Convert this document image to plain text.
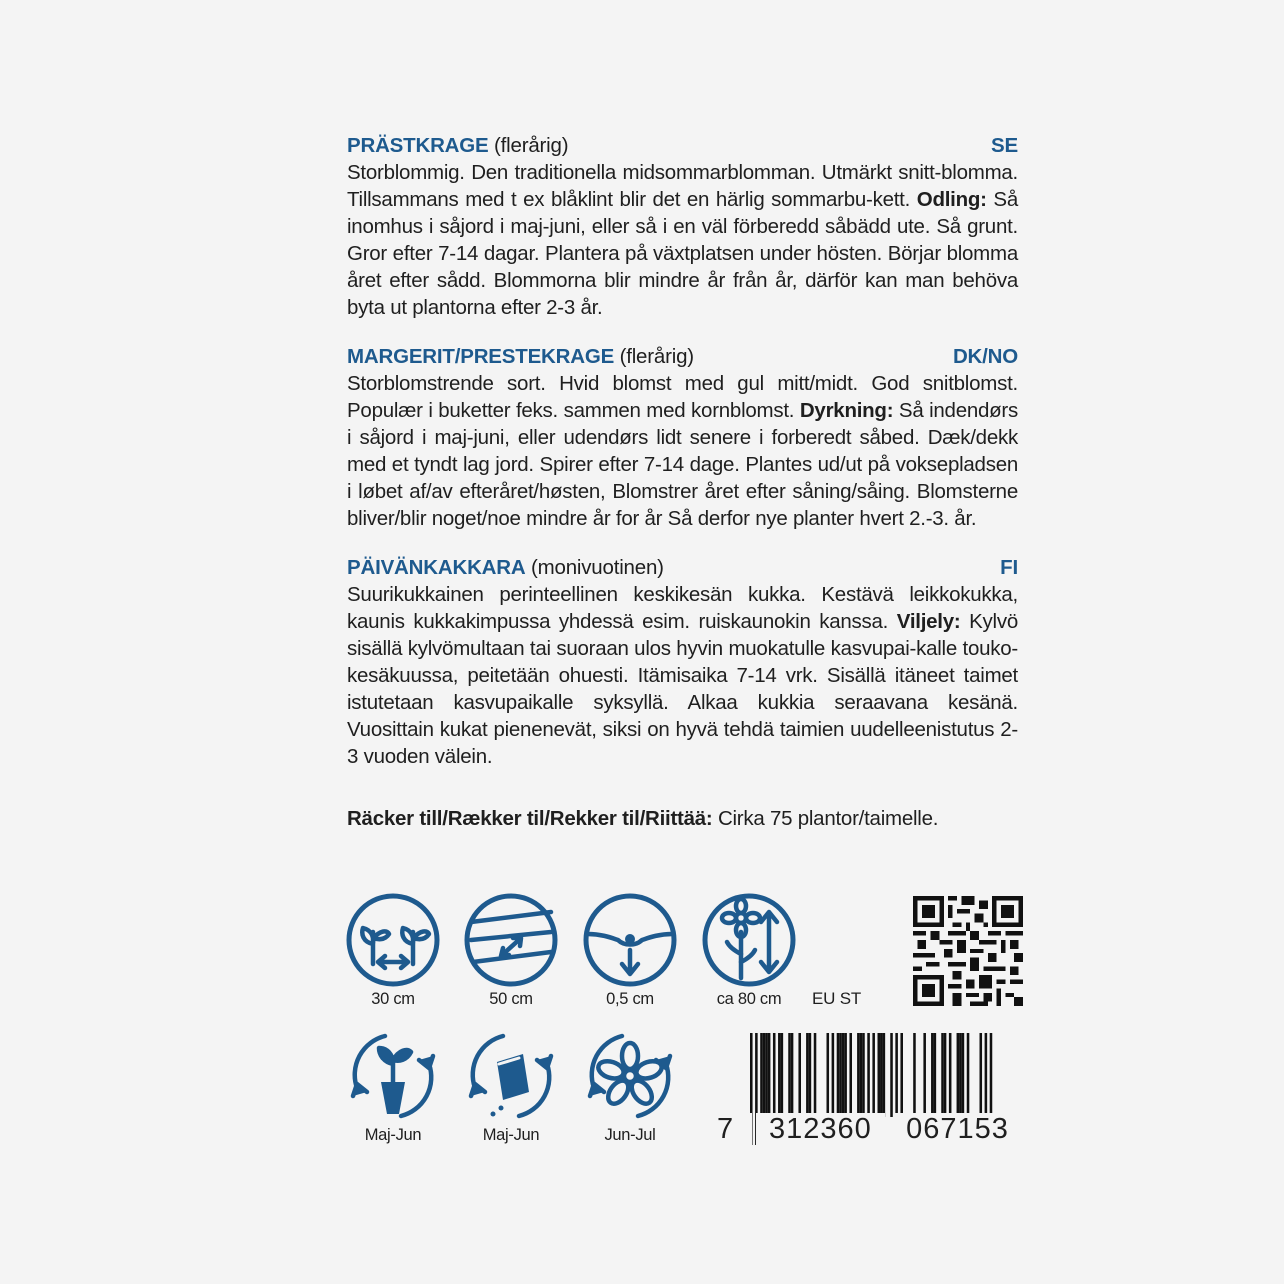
PRÄSTKRAGE (flerårig)	SE

Storblommig. Den traditionella midsommarblomman. Utmärkt snitt-blomma. Tillsammans med t ex blåklint blir det en härlig sommarbu-kett. Odling: Så inomhus i såjord i maj-juni, eller så i en väl förberedd såbädd ute. Så grunt. Gror efter 7-14 dagar. Plantera på växtplatsen under hösten. Börjar blomma året efter sådd. Blommorna blir mindre år från år, därför kan man behöva byta ut plantorna efter 2-3 år.

MARGERIT/PRESTEKRAGE (flerårig)	DK/NO

Storblomstrende sort. Hvid blomst med gul mitt/midt. God snitblomst. Populær i buketter feks. sammen med kornblomst. Dyrkning: Så indendørs i såjord i maj-juni, eller udendørs lidt senere i forberedt såbed. Dæk/dekk med et tyndt lag jord. Spirer efter 7-14 dage. Plantes ud/ut på voksepladsen i løbet af/av efteråret/høsten, Blomstrer året efter såning/såing. Blomsterne bliver/blir noget/noe mindre år for år Så derfor nye planter hvert 2.-3. år.

PÄIVÄNKAKKARA (monivuotinen)	FI

Suurikukkainen perinteellinen keskikesän kukka. Kestävä leikkokukka, kaunis kukkakimpussa yhdessä esim. ruiskaunokin kanssa. Viljely: Kylvö sisällä kylvömultaan tai suoraan ulos hyvin muokatulle kasvupai-kalle touko-kesäkuussa, peitetään ohuesti. Itämisaika 7-14 vrk. Sisällä itäneet taimet istutetaan kasvupaikalle syksyllä. Alkaa kukkia seraavana kesänä. Vuosittain kukat pienenevät, siksi on hyvä tehdä taimien uudelleenistutus 2-3 vuoden välein.

Räcker till/Rækker til/Rekker til/Riittää: Cirka 75 plantor/taimelle.
30 cm	50 cm	0,5 cm	ca 80 cm	EU ST
Maj-Jun	Maj-Jun	Jun-Jul	7	312360	067153
